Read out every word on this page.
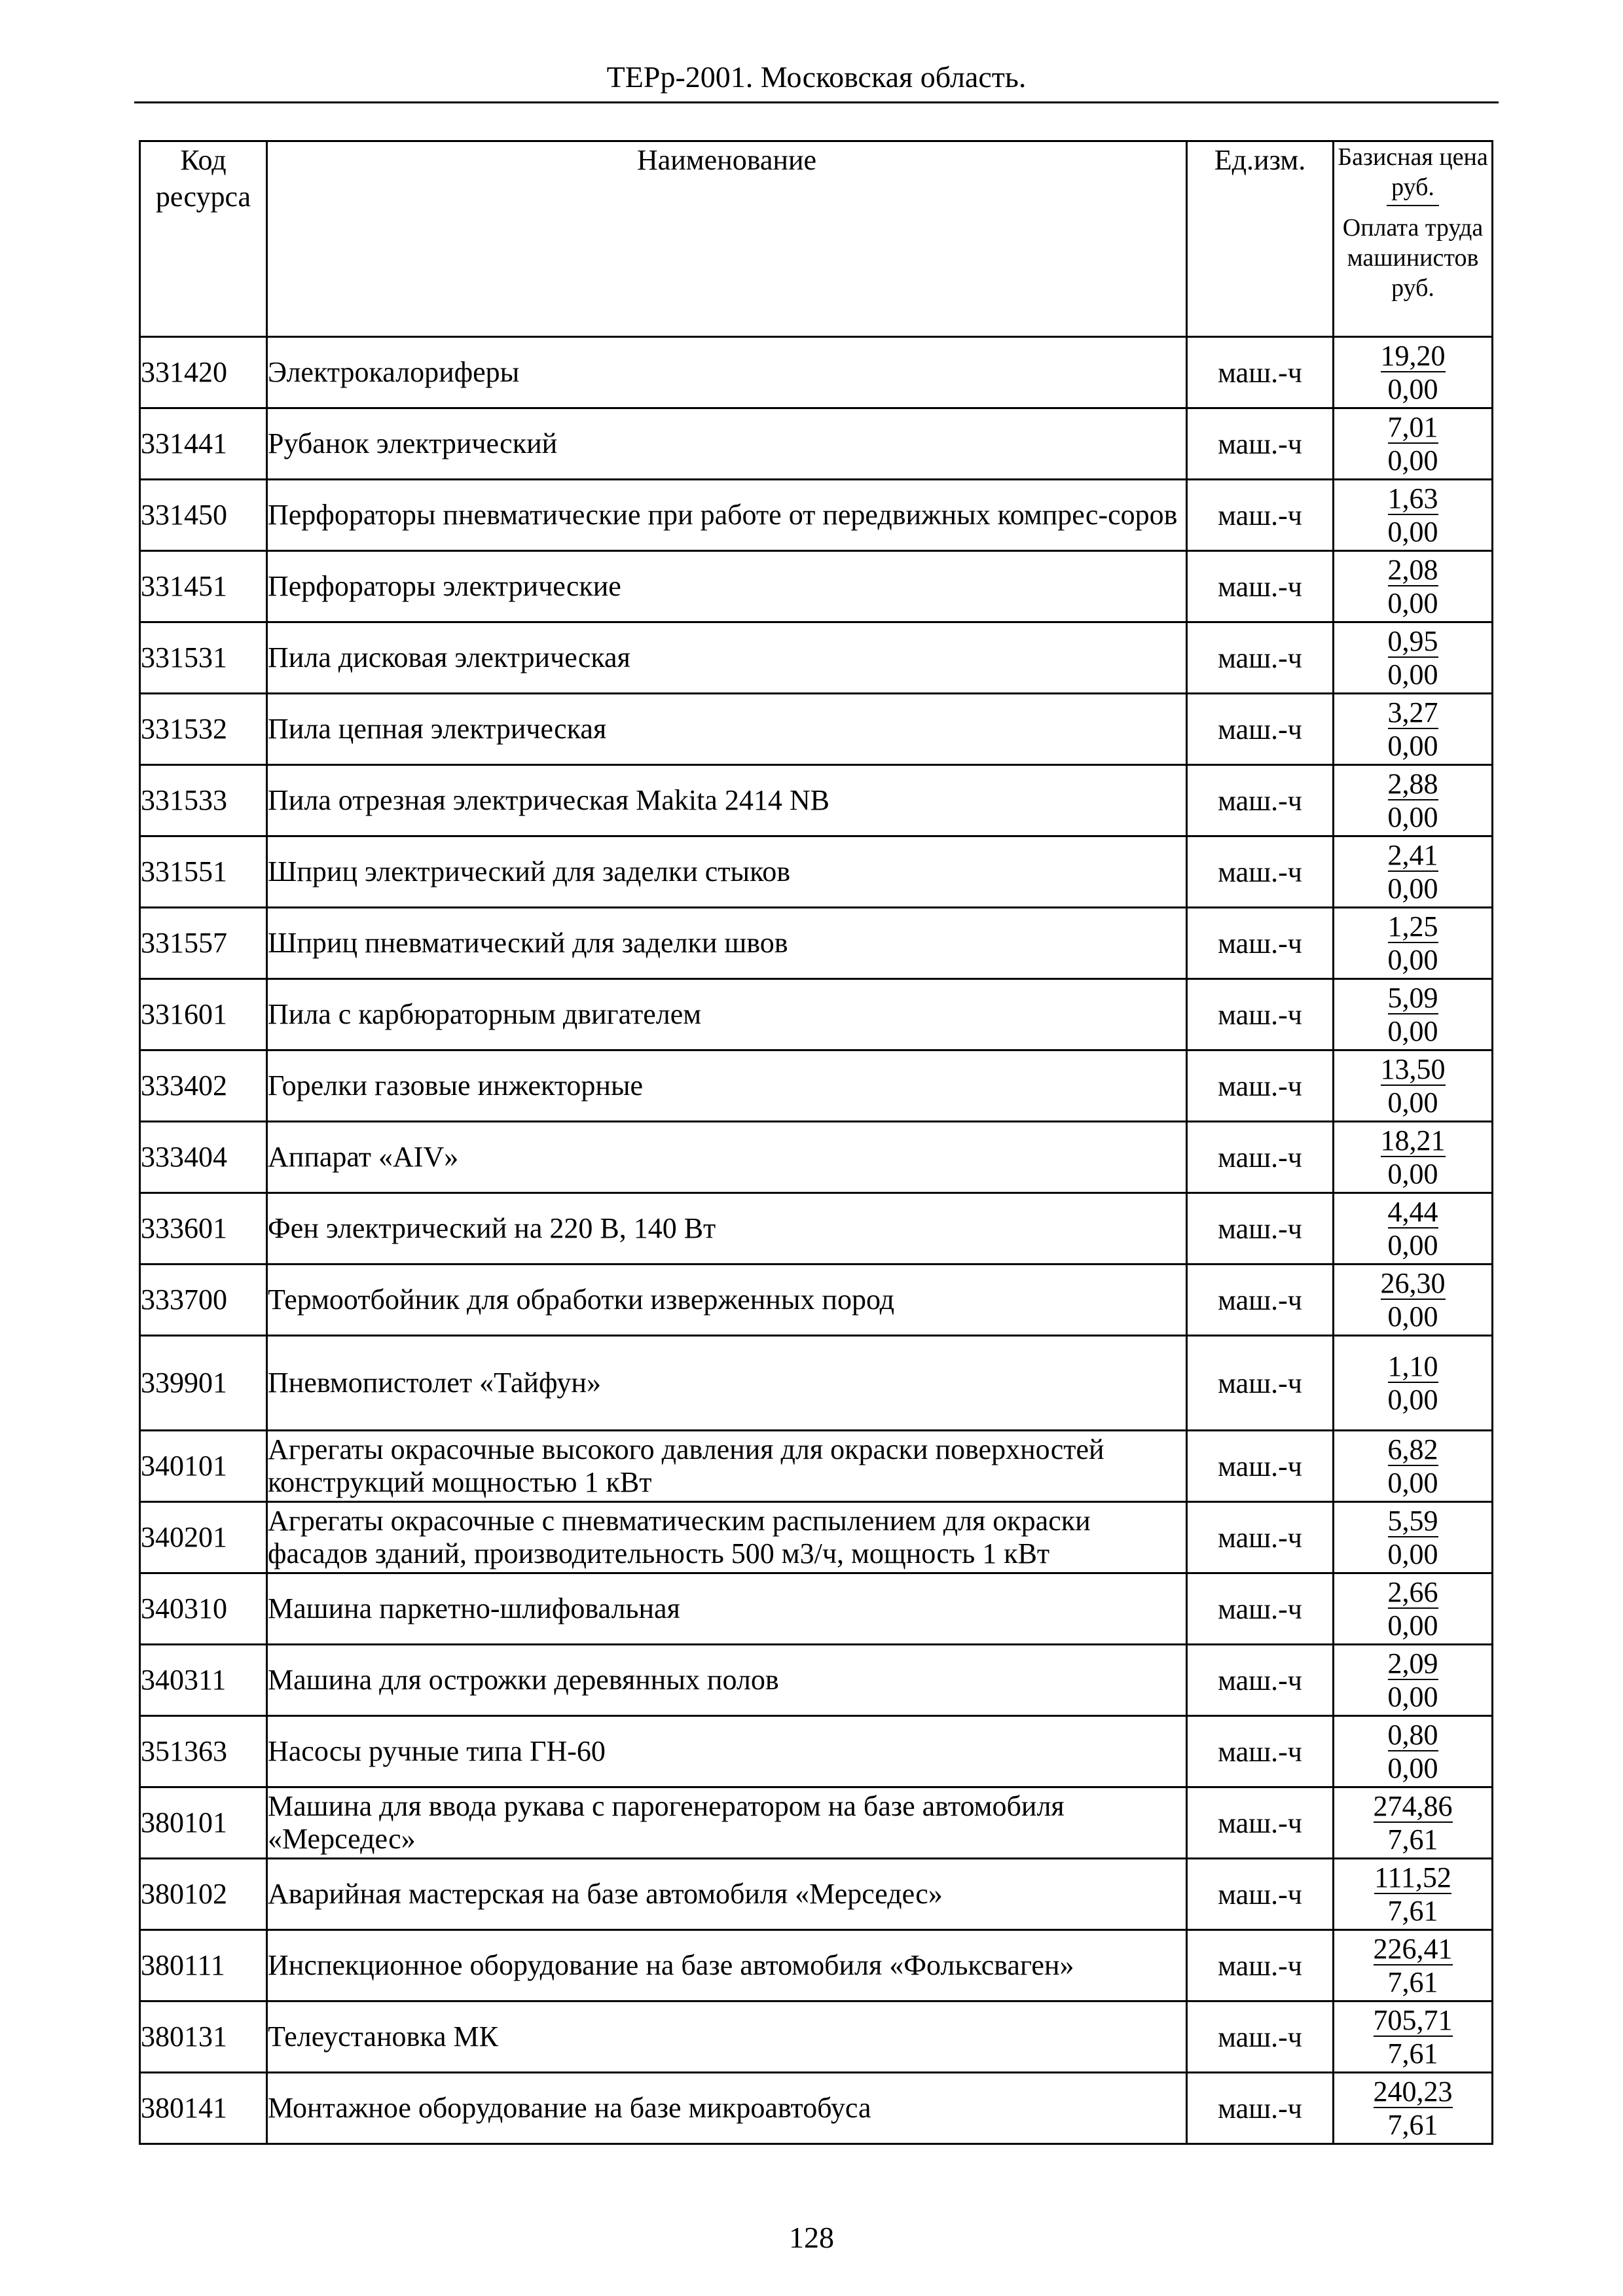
ТЕРр-2001. Московская область.
Код ресурса	Наименование	Ед.изм.	Базисная цена руб.
Оплата труда машинистов руб.

331420	Электрокалориферы	маш.-ч	19,20
0,00

331441	Рубанок электрический	маш.-ч	7,01
0,00

331450	Перфораторы пневматические при работе от передвижных компрес-соров	маш.-ч	1,63
0,00

331451	Перфораторы электрические	маш.-ч	2,08
0,00

331531	Пила дисковая электрическая	маш.-ч	0,95
0,00

331532	Пила цепная электрическая	маш.-ч	3,27
0,00

331533	Пила отрезная электрическая Makita 2414 NB	маш.-ч	2,88
0,00

331551	Шприц электрический для заделки стыков	маш.-ч	2,41
0,00

331557	Шприц пневматический для заделки швов	маш.-ч	1,25
0,00

331601	Пила с карбюраторным двигателем	маш.-ч	5,09
0,00

333402	Горелки газовые инжекторные	маш.-ч	13,50
0,00

333404	Аппарат «AIV»	маш.-ч	18,21
0,00

333601	Фен электрический на 220 В, 140 Вт	маш.-ч	4,44
0,00

333700	Термоотбойник для обработки изверженных пород	маш.-ч	26,30
0,00

339901	Пневмопистолет «Тайфун»	маш.-ч	1,10
0,00

340101	Агрегаты окрасочные высокого давления для окраски поверхностей конструкций мощностью 1 кВт	маш.-ч	6,82
0,00

340201	Агрегаты окрасочные с пневматическим распылением для окраски фасадов зданий, производительность 500 м3/ч, мощность 1 кВт	маш.-ч	5,59
0,00

340310	Машина паркетно-шлифовальная	маш.-ч	2,66
0,00

340311	Машина для острожки деревянных полов	маш.-ч	2,09
0,00

351363	Насосы ручные типа ГН-60	маш.-ч	0,80
0,00

380101	Машина для ввода рукава с парогенератором на базе автомобиля «Мерседес»	маш.-ч	274,86
7,61

380102	Аварийная мастерская на базе автомобиля «Мерседес»	маш.-ч	111,52
7,61

380111	Инспекционное оборудование на базе автомобиля «Фольксваген»	маш.-ч	226,41
7,61

380131	Телеустановка МК	маш.-ч	705,71
7,61

380141	Монтажное оборудование на базе микроавтобуса	маш.-ч	240,23
7,61
128
